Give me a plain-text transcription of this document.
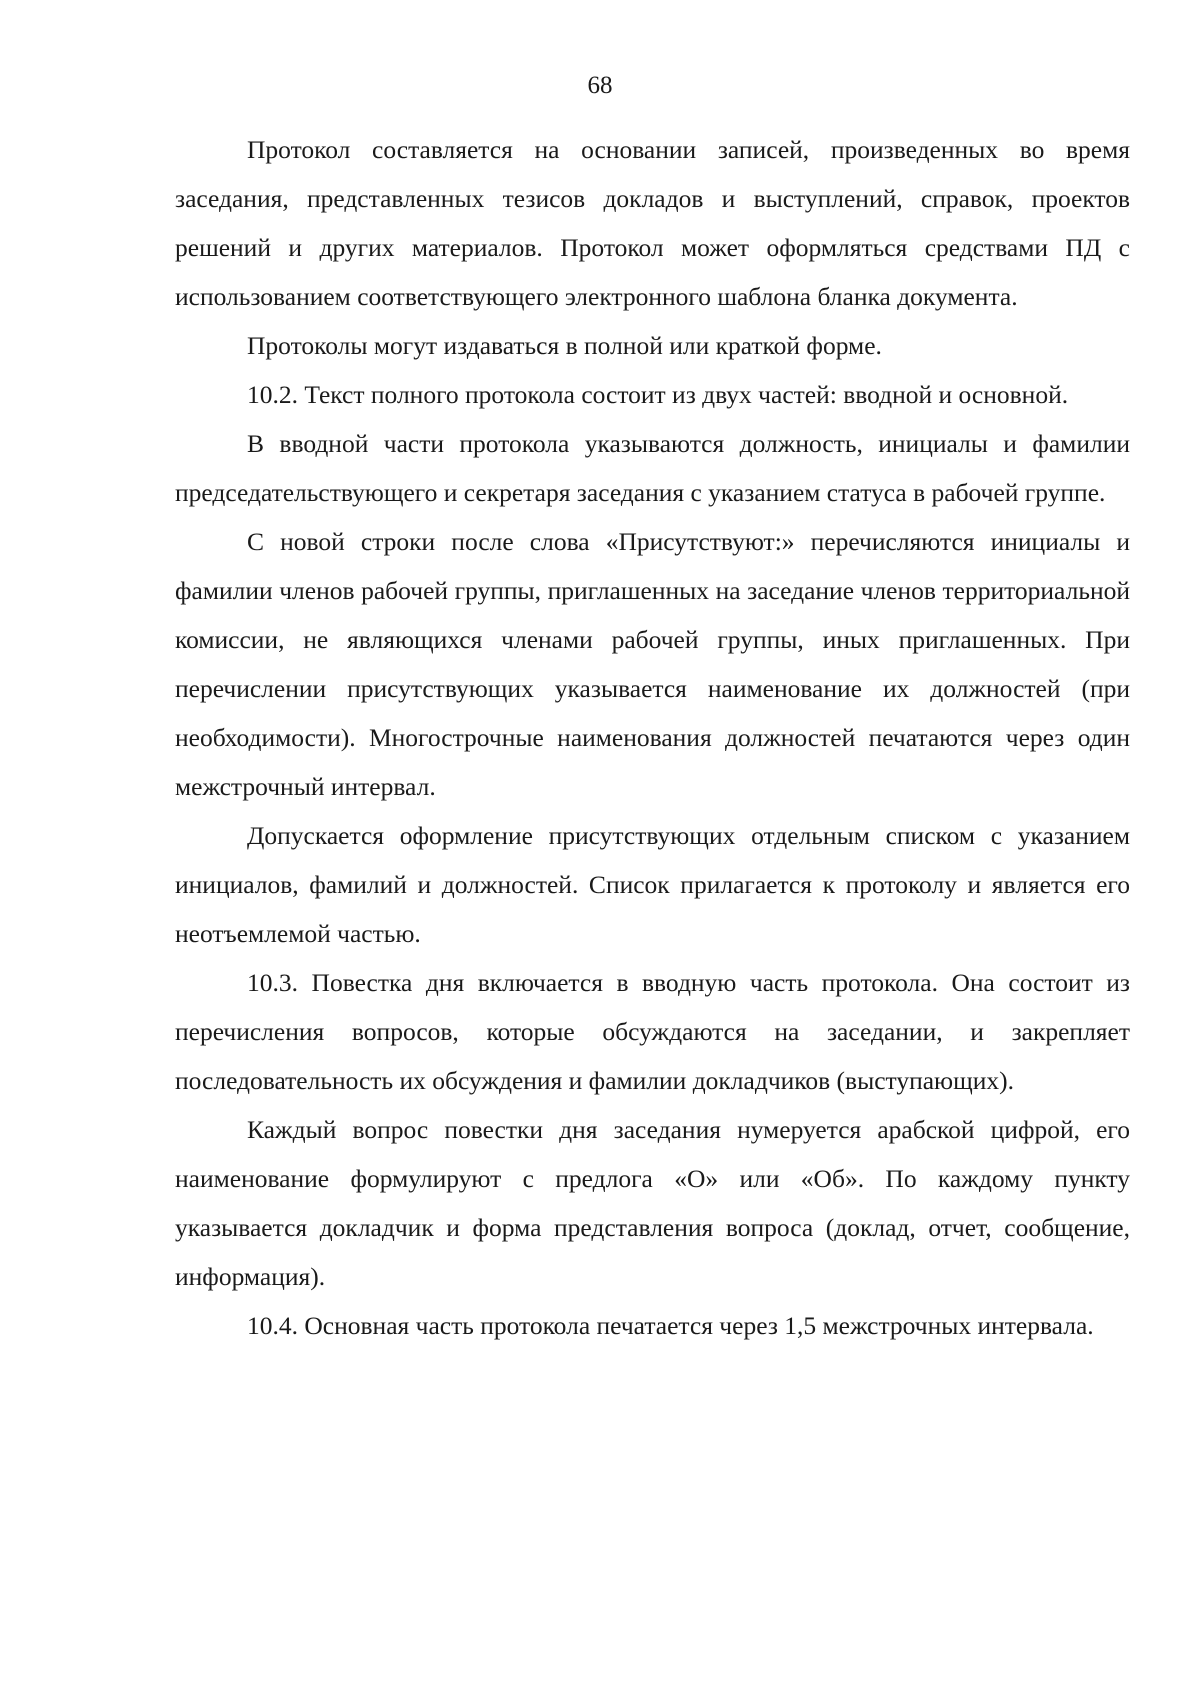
68

Протокол составляется на основании записей, произведенных во время заседания, представленных тезисов докладов и выступлений, справок, проектов решений и других материалов. Протокол может оформляться средствами ПД с использованием соответствующего электронного шаблона бланка документа.

Протоколы могут издаваться в полной или краткой форме.

10.2. Текст полного протокола состоит из двух частей: вводной и основной.

В вводной части протокола указываются должность, инициалы и фамилии председательствующего и секретаря заседания с указанием статуса в рабочей группе.

С новой строки после слова «Присутствуют:» перечисляются инициалы и фамилии членов рабочей группы, приглашенных на заседание членов территориальной комиссии, не являющихся членами рабочей группы, иных приглашенных. При перечислении присутствующих указывается наименование их должностей (при необходимости). Многострочные наименования должностей печатаются через один межстрочный интервал.

Допускается оформление присутствующих отдельным списком с указанием инициалов, фамилий и должностей. Список прилагается к протоколу и является его неотъемлемой частью.

10.3. Повестка дня включается в вводную часть протокола. Она состоит из перечисления вопросов, которые обсуждаются на заседании, и закрепляет последовательность их обсуждения и фамилии докладчиков (выступающих).

Каждый вопрос повестки дня заседания нумеруется арабской цифрой, его наименование формулируют с предлога «О» или «Об». По каждому пункту указывается докладчик и форма представления вопроса (доклад, отчет, сообщение, информация).

10.4. Основная часть протокола печатается через 1,5 межстрочных интервала.
